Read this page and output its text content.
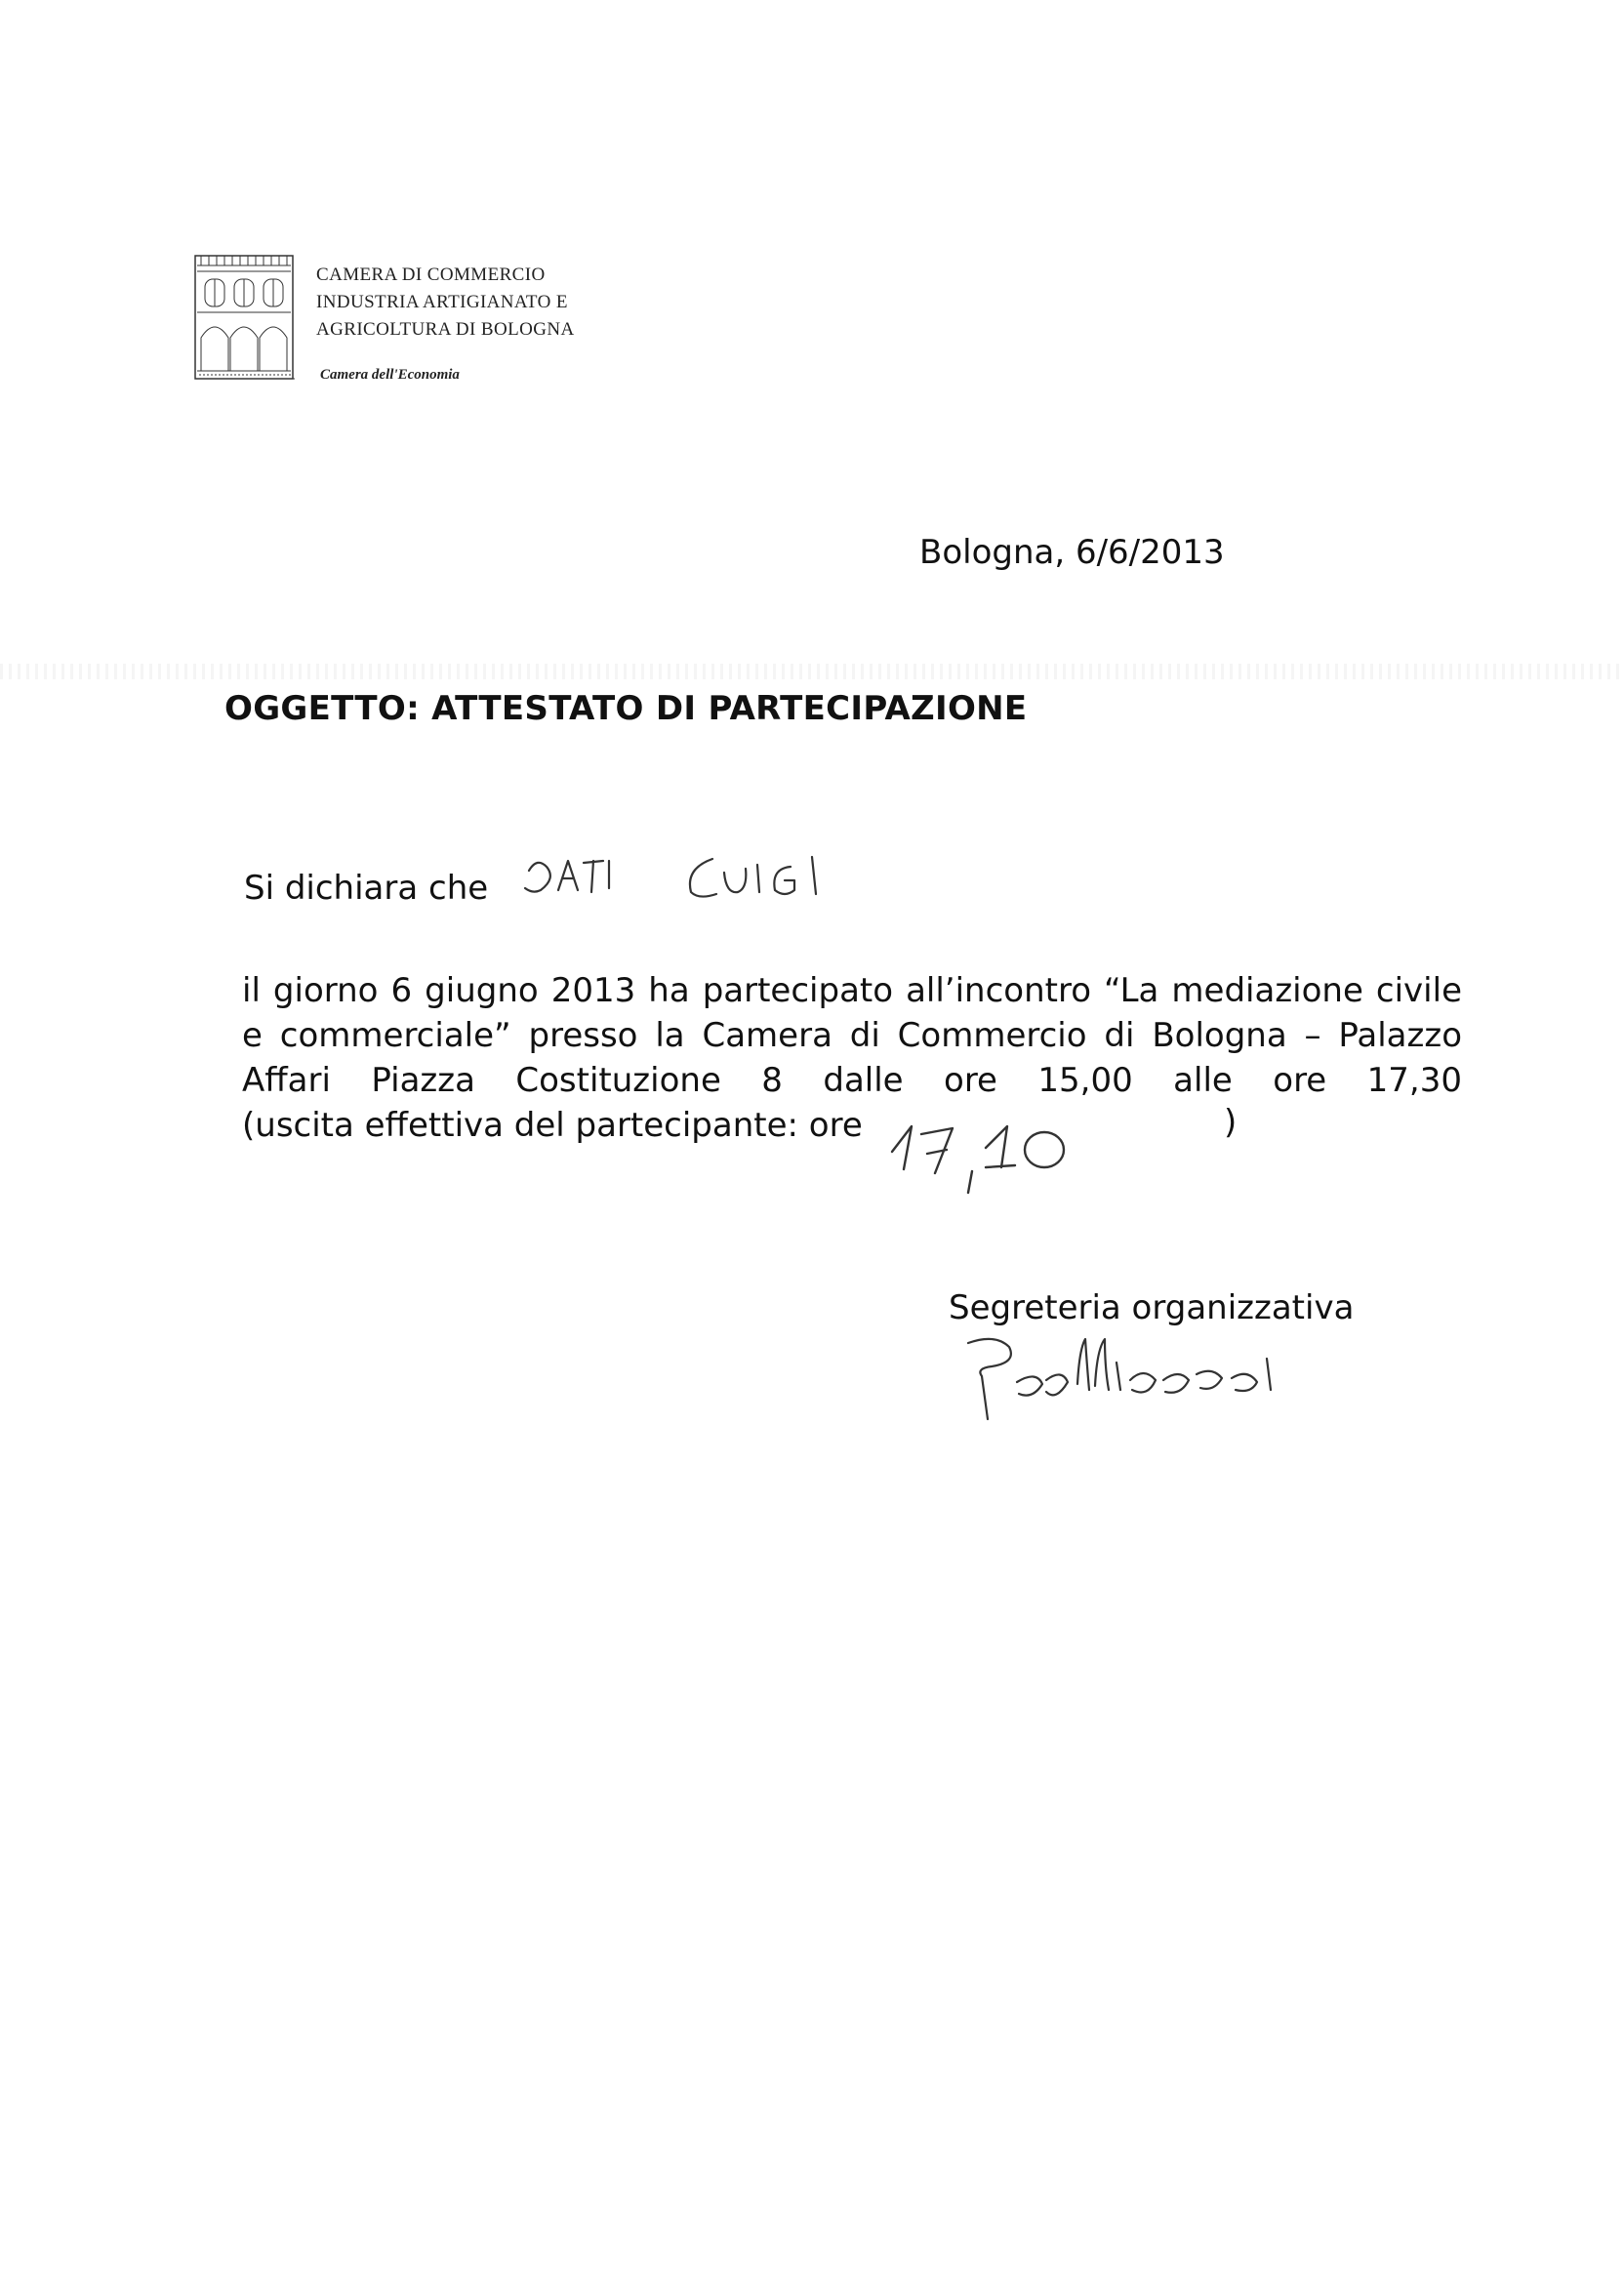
CAMERA DI COMMERCIO
INDUSTRIA ARTIGIANATO E
AGRICOLTURA DI BOLOGNA
Camera dell'Economia
Bologna, 6/6/2013
OGGETTO: ATTESTATO DI PARTECIPAZIONE
Si dichiara che
il giorno 6 giugno 2013 ha partecipato all’incontro “La mediazione civile
e commerciale” presso la Camera di Commercio di Bologna – Palazzo
Affari Piazza Costituzione 8 dalle ore 15,00 alle ore 17,30
(uscita effettiva del partecipante: ore	)
Segreteria organizzativa
Pedelliccioni
